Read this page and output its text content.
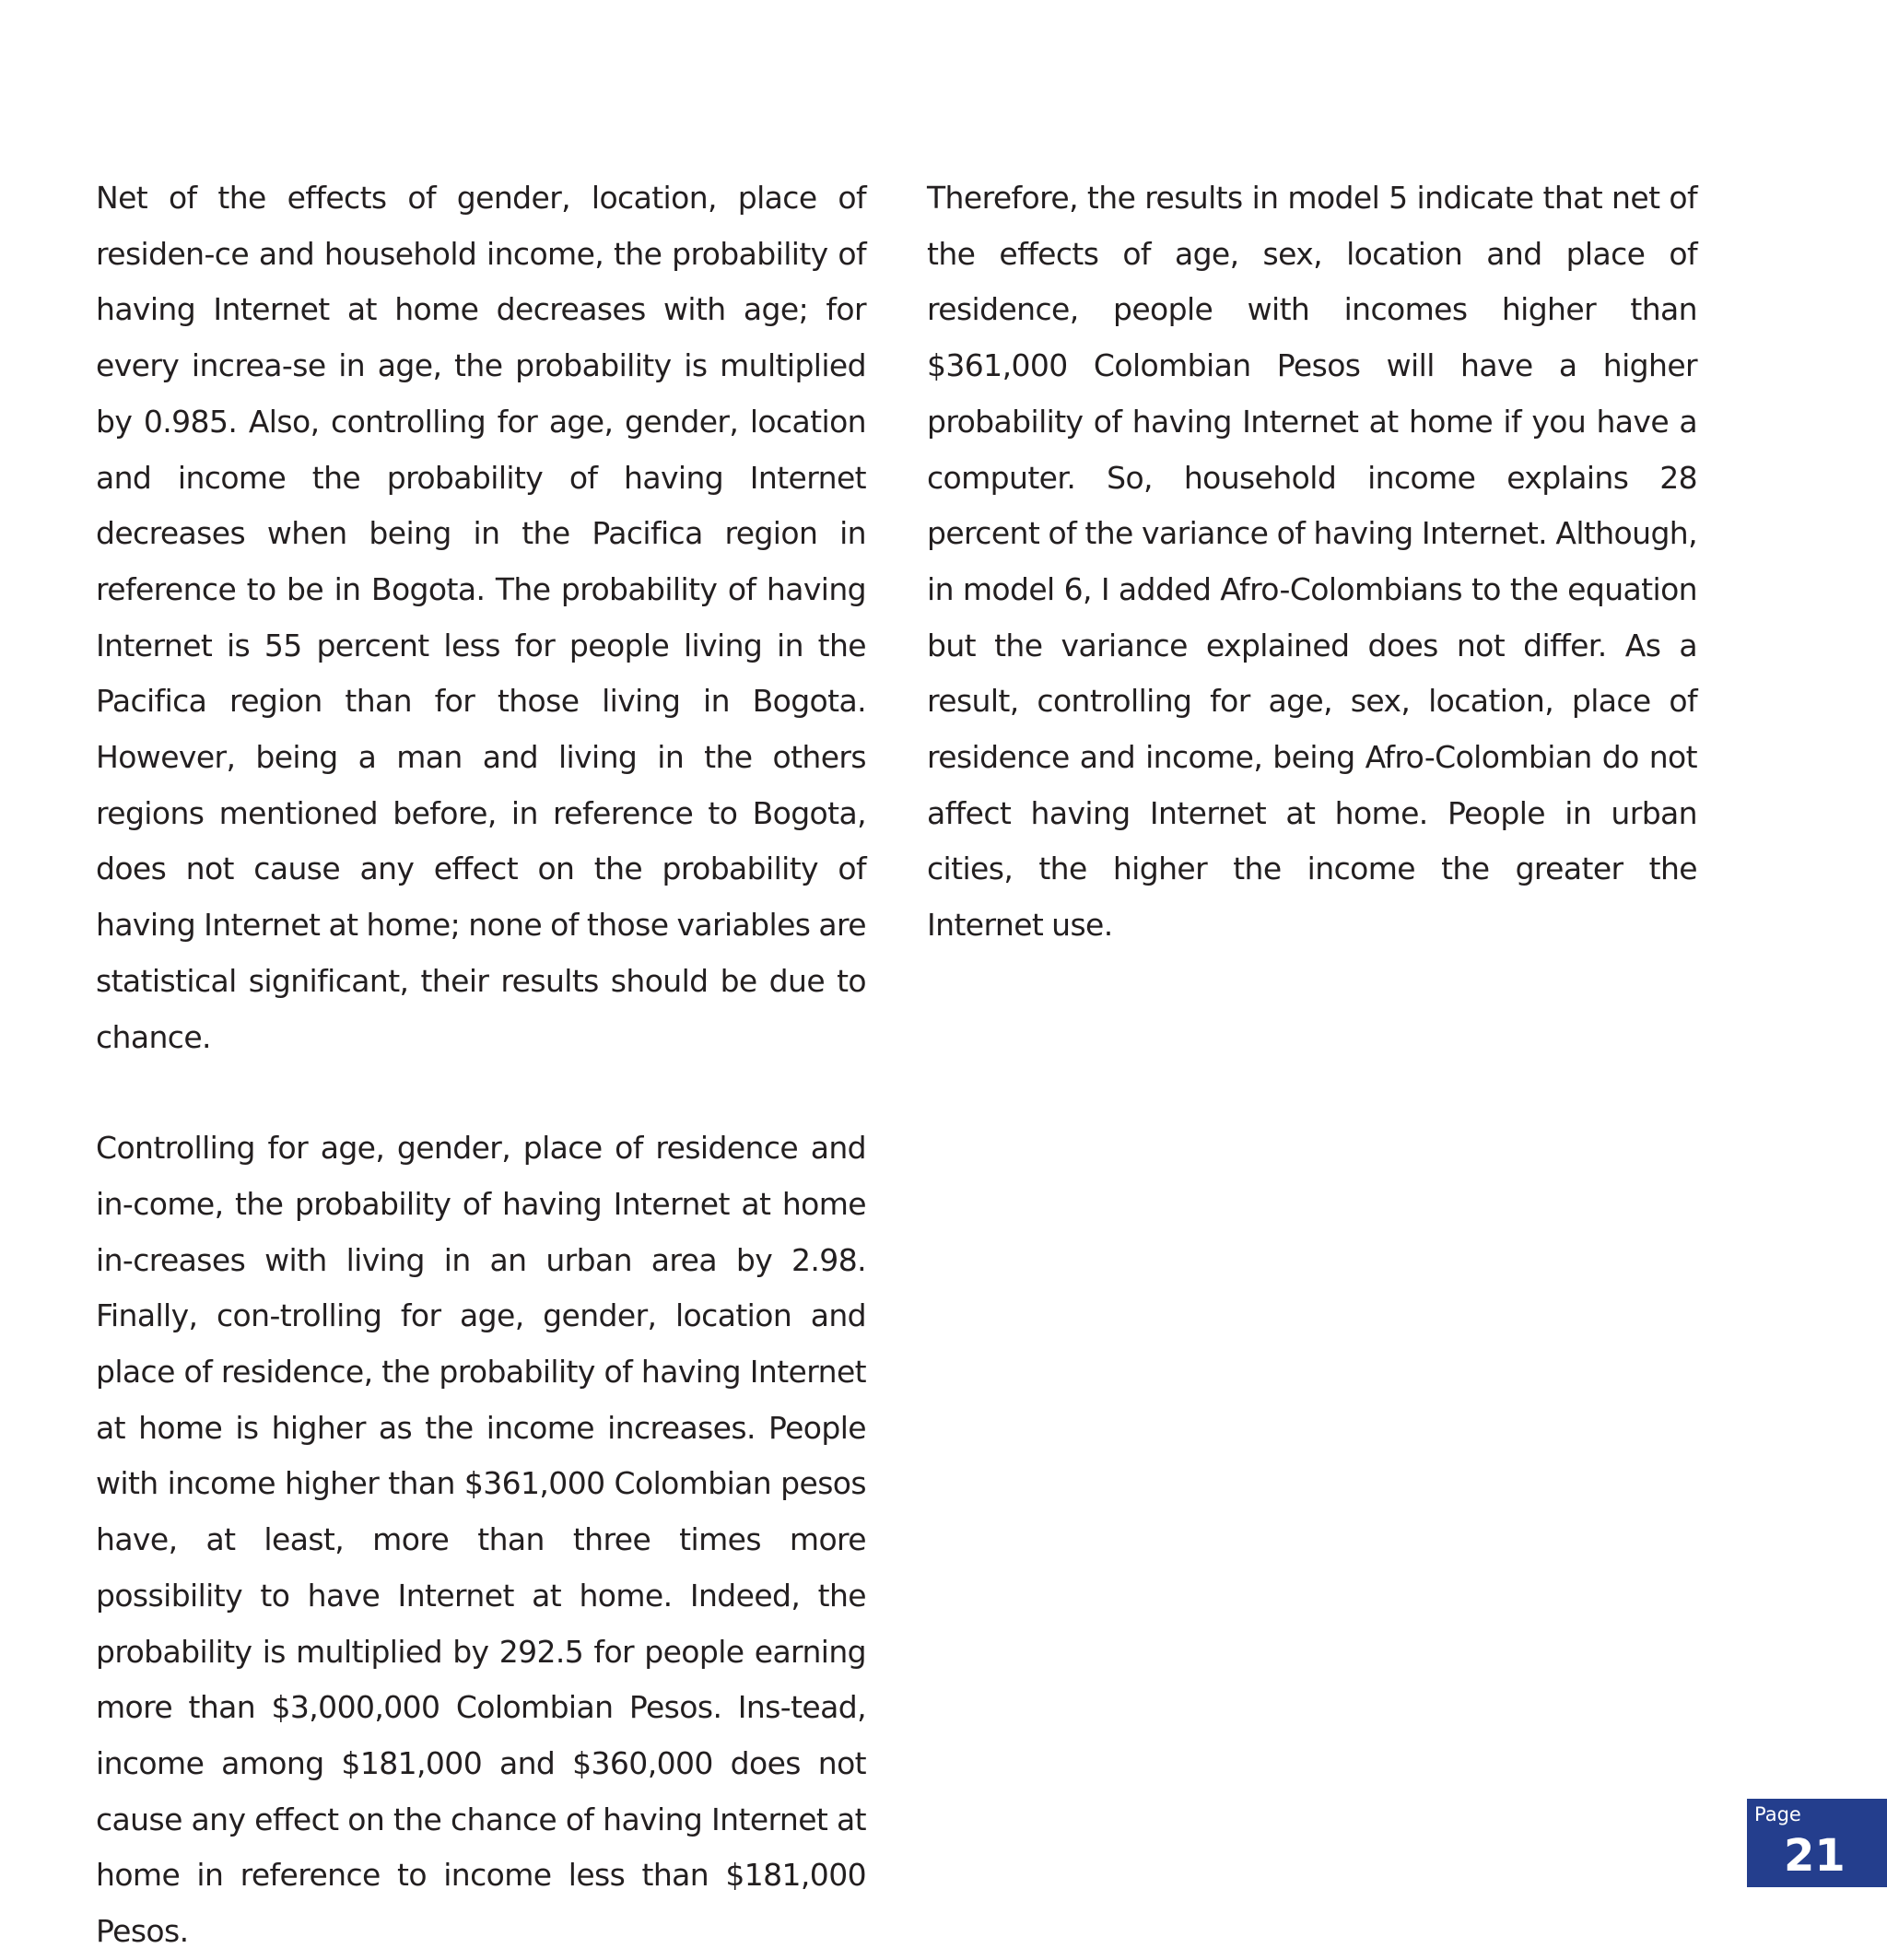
Net of the effects of gender, location, place of residen-ce and household income, the probability of having Internet at home decreases with age; for every increa-se in age, the probability is multiplied by 0.985. Also, controlling for age, gender, location and income the probability of having Internet decreases when being in the Pacifica region in reference to be in Bogota. The probability of having Internet is 55 percent less for people living in the Pacifica region than for those living in Bogota. However, being a man and living in the others regions mentioned before, in reference to Bogota, does not cause any effect on the probability of having Internet at home; none of those variables are statistical significant, their results should be due to chance.

Controlling for age, gender, place of residence and in-come, the probability of having Internet at home in-creases with living in an urban area by 2.98. Finally, con-trolling for age, gender, location and place of residence, the probability of having Internet at home is higher as the income increases. People with income higher than $361,000 Colombian pesos have, at least, more than three times more possibility to have Internet at home. Indeed, the probability is multiplied by 292.5 for people earning more than $3,000,000 Colombian Pesos. Ins-tead, income among $181,000 and $360,000 does not cause any effect on the chance of having Internet at home in reference to income less than $181,000 Pesos.

Therefore, the results in model 5 indicate that net of the effects of age, sex, location and place of residence, people with incomes higher than $361,000 Colombian Pesos will have a higher probability of having Internet at home if you have a computer. So, household income explains 28 percent of the variance of having Internet. Although, in model 6, I added Afro-Colombians to the equation but the variance explained does not differ. As a result, controlling for age, sex, location, place of residence and income, being Afro-Colombian do not affect having Internet at home. People in urban cities, the higher the income the greater the Internet use.

Page
21
